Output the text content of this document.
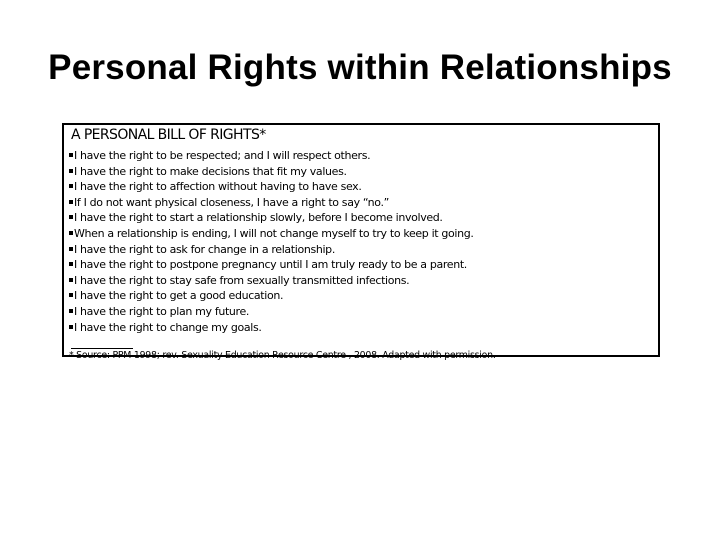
Personal Rights within Relationships
A PERSONAL BILL OF RIGHTS*
I have the right to be respected; and I will respect others.
I have the right to make decisions that fit my values.
I have the right to affection without having to have sex.
If I do not want physical closeness, I have a right to say “no.”
I have the right to start a relationship slowly, before I become involved.
When a relationship is ending, I will not change myself to try to keep it going.
I have the right to ask for change in a relationship.
I have the right to postpone pregnancy until I am truly ready to be a parent.
I have the right to stay safe from sexually transmitted infections.
I have the right to get a good education.
I have the right to plan my future.
I have the right to change my goals.

* Source: PPM 1998; rev. Sexuality Education Resource Centre , 2008. Adapted with permission.
